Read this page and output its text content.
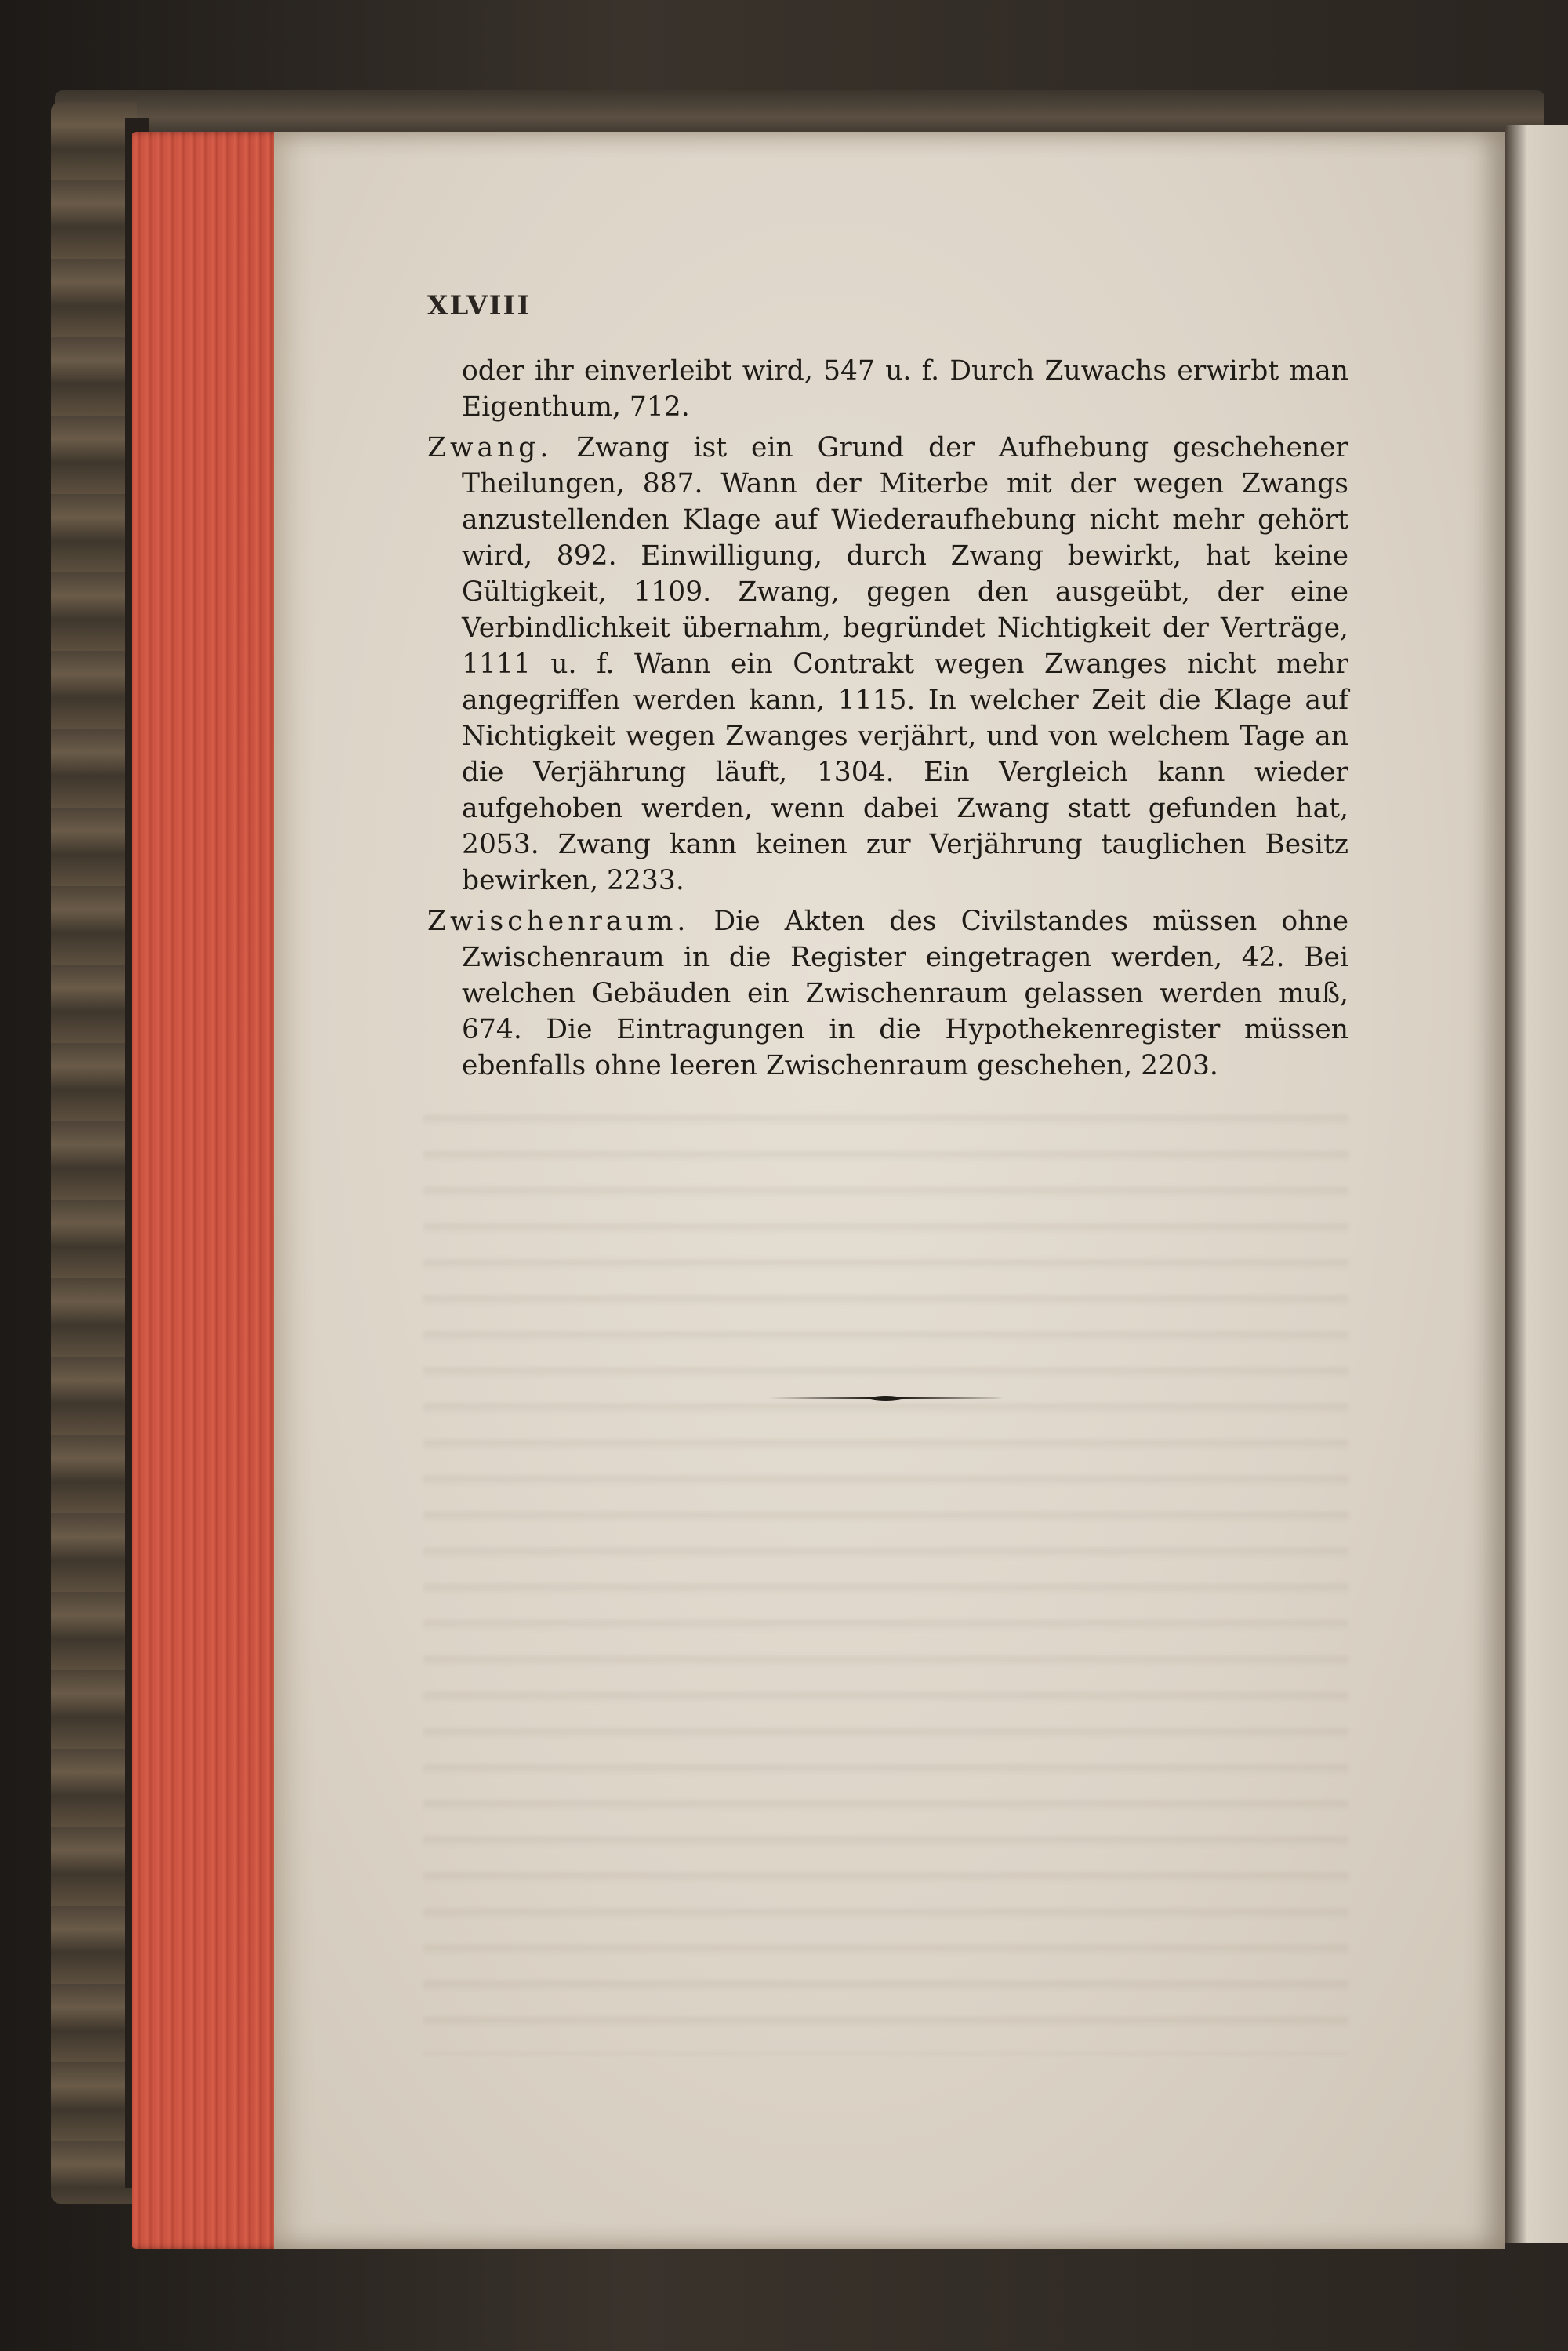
XLVIII

oder ihr einverleibt wird, 547 u. f. Durch Zuwachs erwirbt man Eigenthum, 712.

Zwang. Zwang ist ein Grund der Aufhebung geschehener Theilungen, 887. Wann der Miterbe mit der wegen Zwangs anzustellenden Klage auf Wiederaufhebung nicht mehr gehört wird, 892. Einwilligung, durch Zwang bewirkt, hat keine Gültigkeit, 1109. Zwang, gegen den ausgeübt, der eine Verbindlichkeit übernahm, begründet Nichtigkeit der Verträge, 1111 u. f. Wann ein Contrakt wegen Zwanges nicht mehr angegriffen werden kann, 1115. In welcher Zeit die Klage auf Nichtigkeit wegen Zwanges verjährt, und von welchem Tage an die Verjährung läuft, 1304. Ein Vergleich kann wieder aufgehoben werden, wenn dabei Zwang statt gefunden hat, 2053. Zwang kann keinen zur Verjährung tauglichen Besitz bewirken, 2233.

Zwischenraum. Die Akten des Civilstandes müssen ohne Zwischenraum in die Register eingetragen werden, 42. Bei welchen Gebäuden ein Zwischenraum gelassen werden muß, 674. Die Eintragungen in die Hypothekenregister müssen ebenfalls ohne leeren Zwischenraum geschehen, 2203.
